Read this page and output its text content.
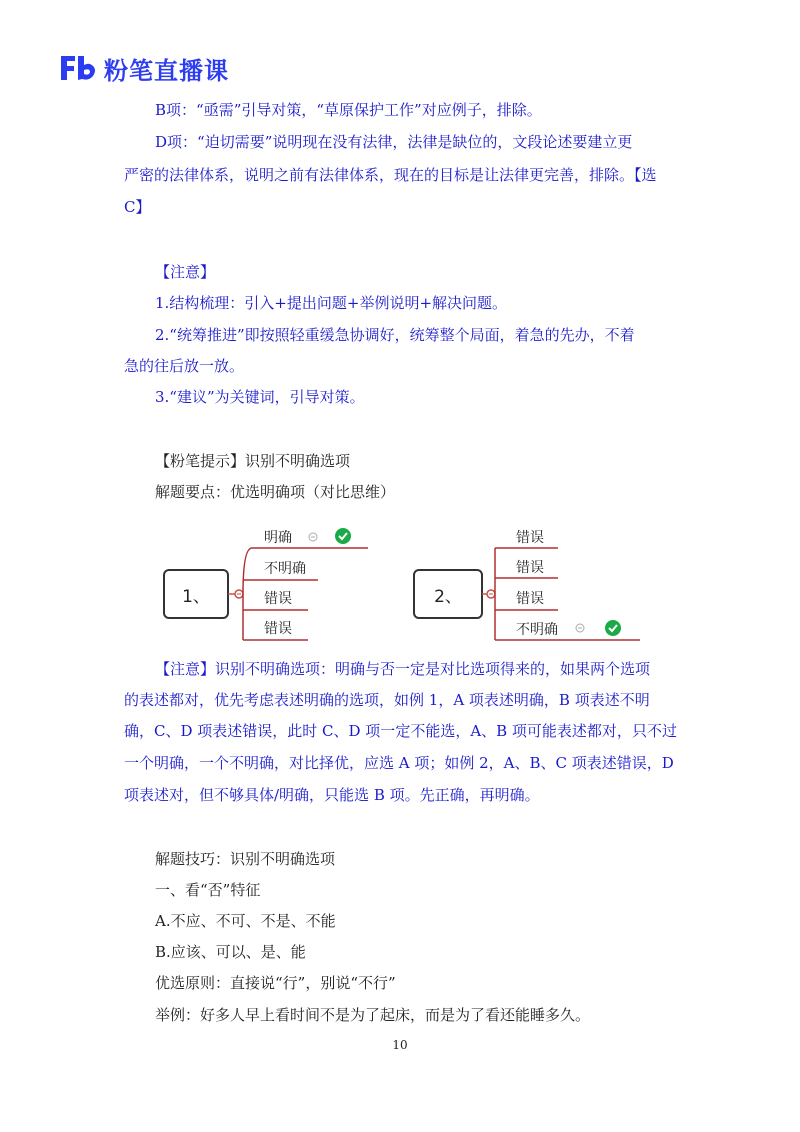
粉笔直播课
B项：“亟需”引导对策，“草原保护工作”对应例子，排除。
D项：“迫切需要”说明现在没有法律，法律是缺位的，文段论述要建立更
严密的法律体系，说明之前有法律体系，现在的目标是让法律更完善，排除。【选
C】
【注意】
1.结构梳理：引入+提出问题+举例说明+解决问题。
2.“统筹推进”即按照轻重缓急协调好，统筹整个局面，着急的先办，不着
急的往后放一放。
3.“建议”为关键词，引导对策。
【粉笔提示】识别不明确选项
解题要点：优选明确项（对比思维）
1、
明确
不明确
错误
错误
2、
错误
错误
错误
不明确
【注意】识别不明确选项：明确与否一定是对比选项得来的，如果两个选项
的表述都对，优先考虑表述明确的选项，如例 1，A 项表述明确，B 项表述不明
确，C、D 项表述错误，此时 C、D 项一定不能选，A、B 项可能表述都对，只不过
一个明确，一个不明确，对比择优，应选 A 项；如例 2，A、B、C 项表述错误，D
项表述对，但不够具体/明确，只能选 B 项。先正确，再明确。
解题技巧：识别不明确选项
一、看“否”特征
A.不应、不可、不是、不能
B.应该、可以、是、能
优选原则：直接说“行”，别说“不行”
举例：好多人早上看时间不是为了起床，而是为了看还能睡多久。
10
